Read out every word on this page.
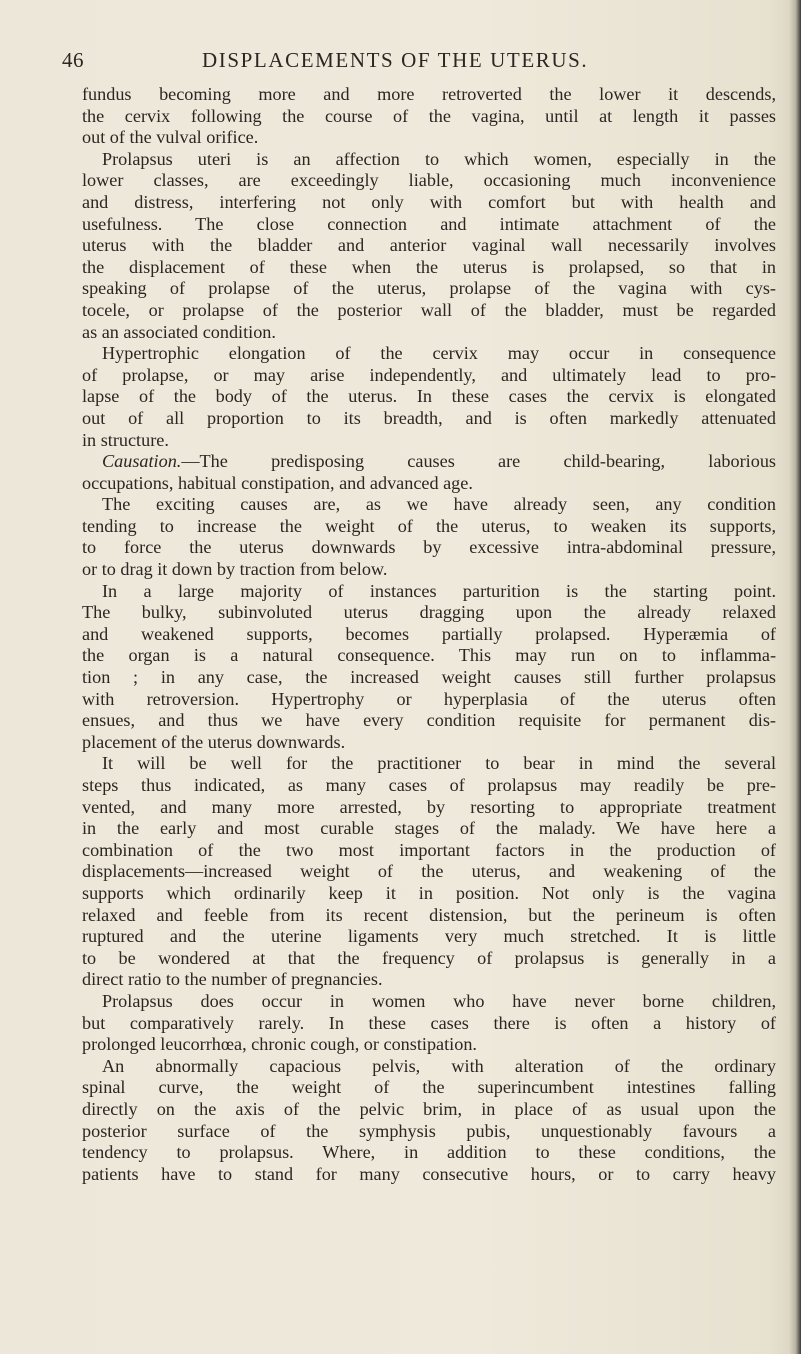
46	DISPLACEMENTS OF THE UTERUS.
fundus becoming more and more retroverted the lower it descends,
the cervix following the course of the vagina, until at length it passes
out of the vulval orifice.
Prolapsus uteri is an affection to which women, especially in the
lower classes, are exceedingly liable, occasioning much inconvenience
and distress, interfering not only with comfort but with health and
usefulness. The close connection and intimate attachment of the
uterus with the bladder and anterior vaginal wall necessarily involves
the displacement of these when the uterus is prolapsed, so that in
speaking of prolapse of the uterus, prolapse of the vagina with cys-
tocele, or prolapse of the posterior wall of the bladder, must be regarded
as an associated condition.
Hypertrophic elongation of the cervix may occur in consequence
of prolapse, or may arise independently, and ultimately lead to pro-
lapse of the body of the uterus. In these cases the cervix is elongated
out of all proportion to its breadth, and is often markedly attenuated
in structure.
Causation.—The predisposing causes are child-bearing, laborious
occupations, habitual constipation, and advanced age.
The exciting causes are, as we have already seen, any condition
tending to increase the weight of the uterus, to weaken its supports,
to force the uterus downwards by excessive intra-abdominal pressure,
or to drag it down by traction from below.
In a large majority of instances parturition is the starting point.
The bulky, subinvoluted uterus dragging upon the already relaxed
and weakened supports, becomes partially prolapsed. Hyperæmia of
the organ is a natural consequence. This may run on to inflamma-
tion ; in any case, the increased weight causes still further prolapsus
with retroversion. Hypertrophy or hyperplasia of the uterus often
ensues, and thus we have every condition requisite for permanent dis-
placement of the uterus downwards.
It will be well for the practitioner to bear in mind the several
steps thus indicated, as many cases of prolapsus may readily be pre-
vented, and many more arrested, by resorting to appropriate treatment
in the early and most curable stages of the malady. We have here a
combination of the two most important factors in the production of
displacements—increased weight of the uterus, and weakening of the
supports which ordinarily keep it in position. Not only is the vagina
relaxed and feeble from its recent distension, but the perineum is often
ruptured and the uterine ligaments very much stretched. It is little
to be wondered at that the frequency of prolapsus is generally in a
direct ratio to the number of pregnancies.
Prolapsus does occur in women who have never borne children,
but comparatively rarely. In these cases there is often a history of
prolonged leucorrhœa, chronic cough, or constipation.
An abnormally capacious pelvis, with alteration of the ordinary
spinal curve, the weight of the superincumbent intestines falling
directly on the axis of the pelvic brim, in place of as usual upon the
posterior surface of the symphysis pubis, unquestionably favours a
tendency to prolapsus. Where, in addition to these conditions, the
patients have to stand for many consecutive hours, or to carry heavy
